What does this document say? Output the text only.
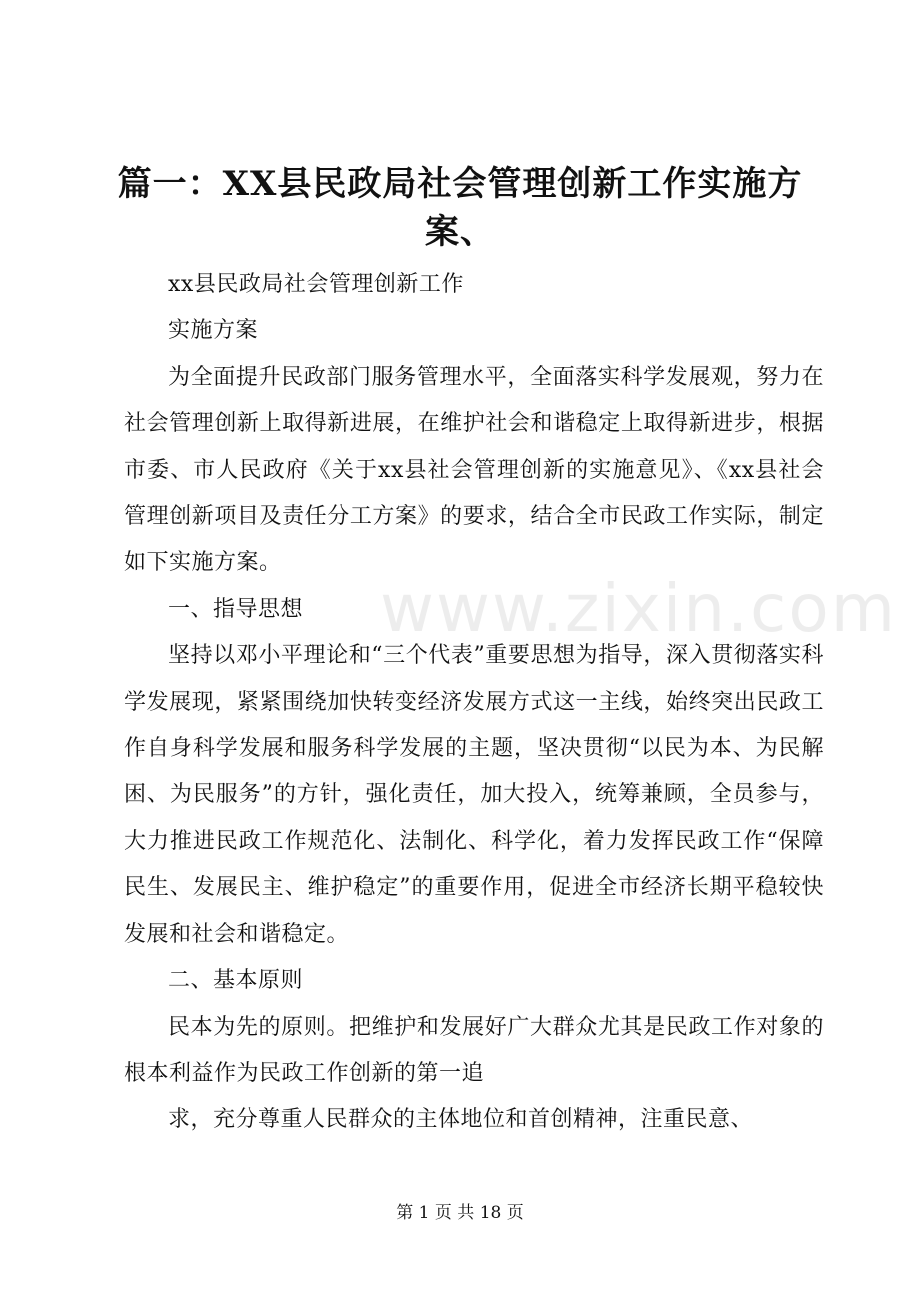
篇一：XX县民政局社会管理创新工作实施方案、

xx县民政局社会管理创新工作

实施方案

为全面提升民政部门服务管理水平，全面落实科学发展观，努力在社会管理创新上取得新进展，在维护社会和谐稳定上取得新进步，根据市委、市人民政府《关于xx县社会管理创新的实施意见》、《xx县社会管理创新项目及责任分工方案》的要求，结合全市民政工作实际，制定如下实施方案。

一、指导思想

坚持以邓小平理论和“三个代表”重要思想为指导，深入贯彻落实科学发展现，紧紧围绕加快转变经济发展方式这一主线，始终突出民政工作自身科学发展和服务科学发展的主题，坚决贯彻“以民为本、为民解困、为民服务”的方针，强化责任，加大投入，统筹兼顾，全员参与，大力推进民政工作规范化、法制化、科学化，着力发挥民政工作“保障民生、发展民主、维护稳定”的重要作用，促进全市经济长期平稳较快发展和社会和谐稳定。

二、基本原则

民本为先的原则。把维护和发展好广大群众尤其是民政工作对象的根本利益作为民政工作创新的第一追

求，充分尊重人民群众的主体地位和首创精神，注重民意、

www.zixin.com
第 1 页 共 18 页
